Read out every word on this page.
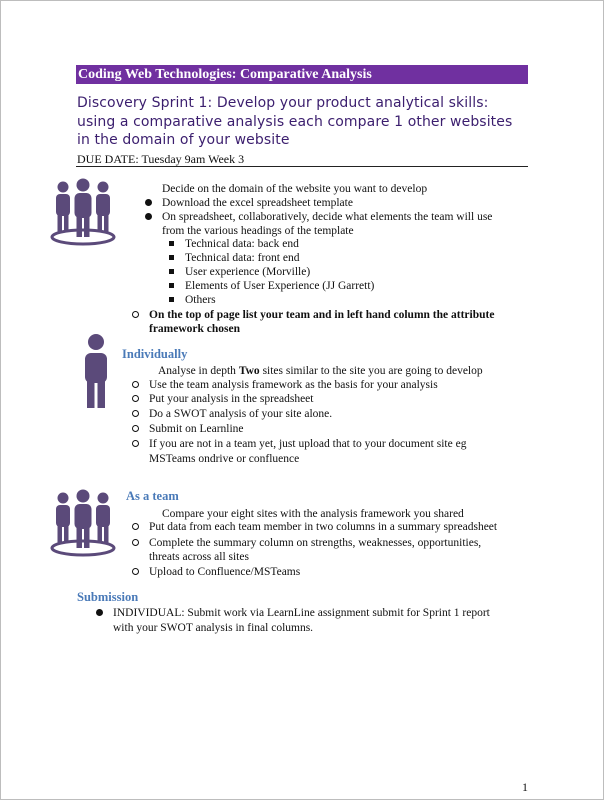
Coding Web Technologies: Comparative Analysis
Discovery Sprint 1: Develop your product analytical skills: using a comparative analysis each compare 1 other websites in the domain of your website
DUE DATE: Tuesday 9am Week 3
Decide on the domain of the website you want to develop
Download the excel spreadsheet template
On spreadsheet, collaboratively, decide what elements the team will use
from the various headings of the template
Technical data: back end
Technical data: front end
User experience (Morville)
Elements of User Experience (JJ Garrett)
Others
On the top of page list your team and in left hand column the attribute
framework chosen
Individually
Analyse in depth Two sites similar to the site you are going to develop
Use the team analysis framework as the basis for your analysis
Put your analysis in the spreadsheet
Do a SWOT analysis of your site alone.
Submit on Learnline
If you are not in a team yet, just upload that to your document site eg
MSTeams ondrive or confluence
As a team
Compare your eight sites with the analysis framework you shared
Put data from each team member in two columns in a summary spreadsheet
Complete the summary column on strengths, weaknesses, opportunities,
threats across all sites
Upload to Confluence/MSTeams
Submission
INDIVIDUAL: Submit work via LearnLine assignment submit for Sprint 1 report
with your SWOT analysis in final columns.
1
